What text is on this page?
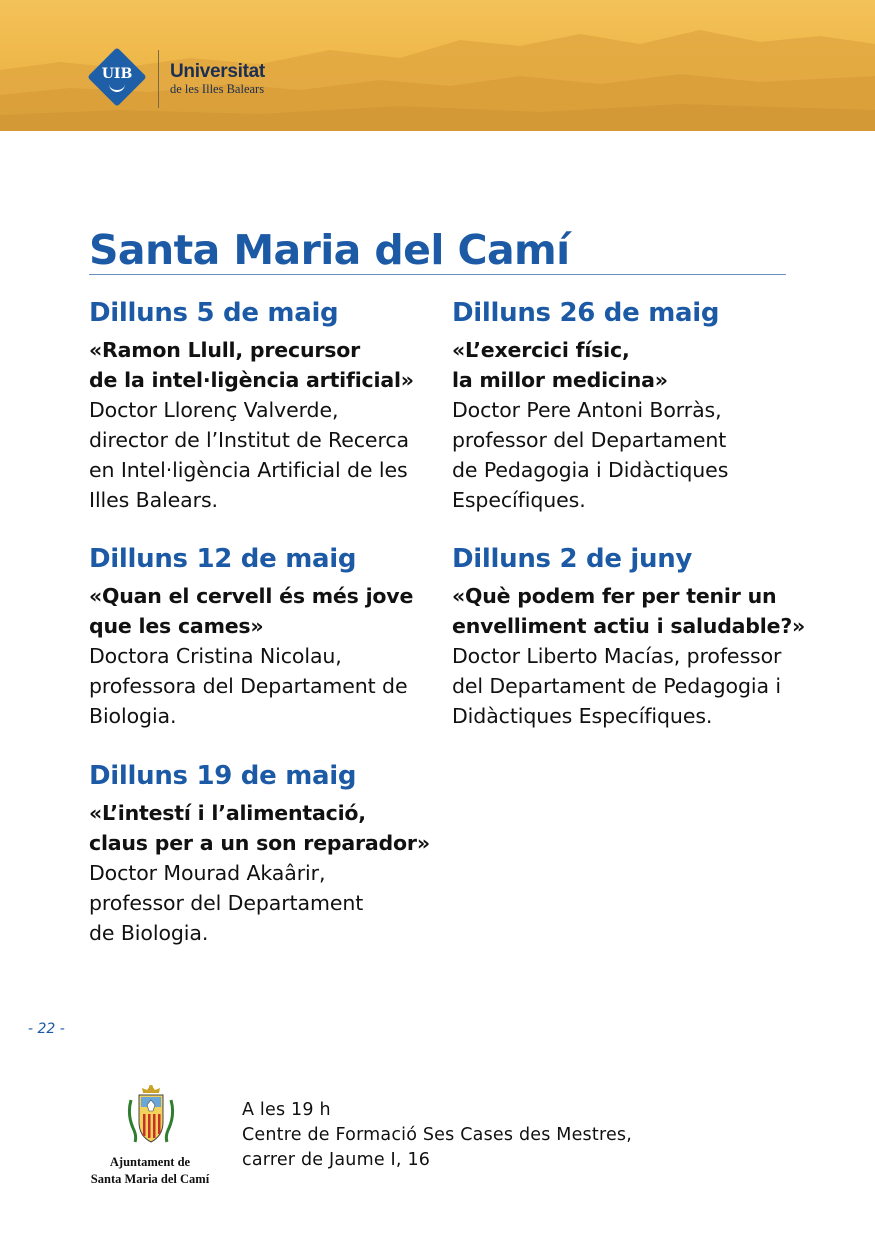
UIB	Universitat
de les Illes Balears
Santa Maria del Camí
Dilluns 5 de maig
«Ramon Llull, precursor
de la intel·ligència artificial»
Doctor Llorenç Valverde,
director de l’Institut de Recerca
en Intel·ligència Artificial de les
Illes Balears.
Dilluns 12 de maig
«Quan el cervell és més jove
que les cames»
Doctora Cristina Nicolau,
professora del Departament de
Biologia.
Dilluns 19 de maig
«L’intestí i l’alimentació,
claus per a un son reparador»
Doctor Mourad Akaârir,
professor del Departament
de Biologia.
Dilluns 26 de maig
«L’exercici físic,
la millor medicina»
Doctor Pere Antoni Borràs,
professor del Departament
de Pedagogia i Didàctiques
Específiques.
Dilluns 2 de juny
«Què podem fer per tenir un
envelliment actiu i saludable?»
Doctor Liberto Macías, professor
del Departament de Pedagogia i
Didàctiques Específiques.
- 22 -
Ajuntament de
Santa Maria del Camí
A les 19 h
Centre de Formació Ses Cases des Mestres,
carrer de Jaume I, 16
